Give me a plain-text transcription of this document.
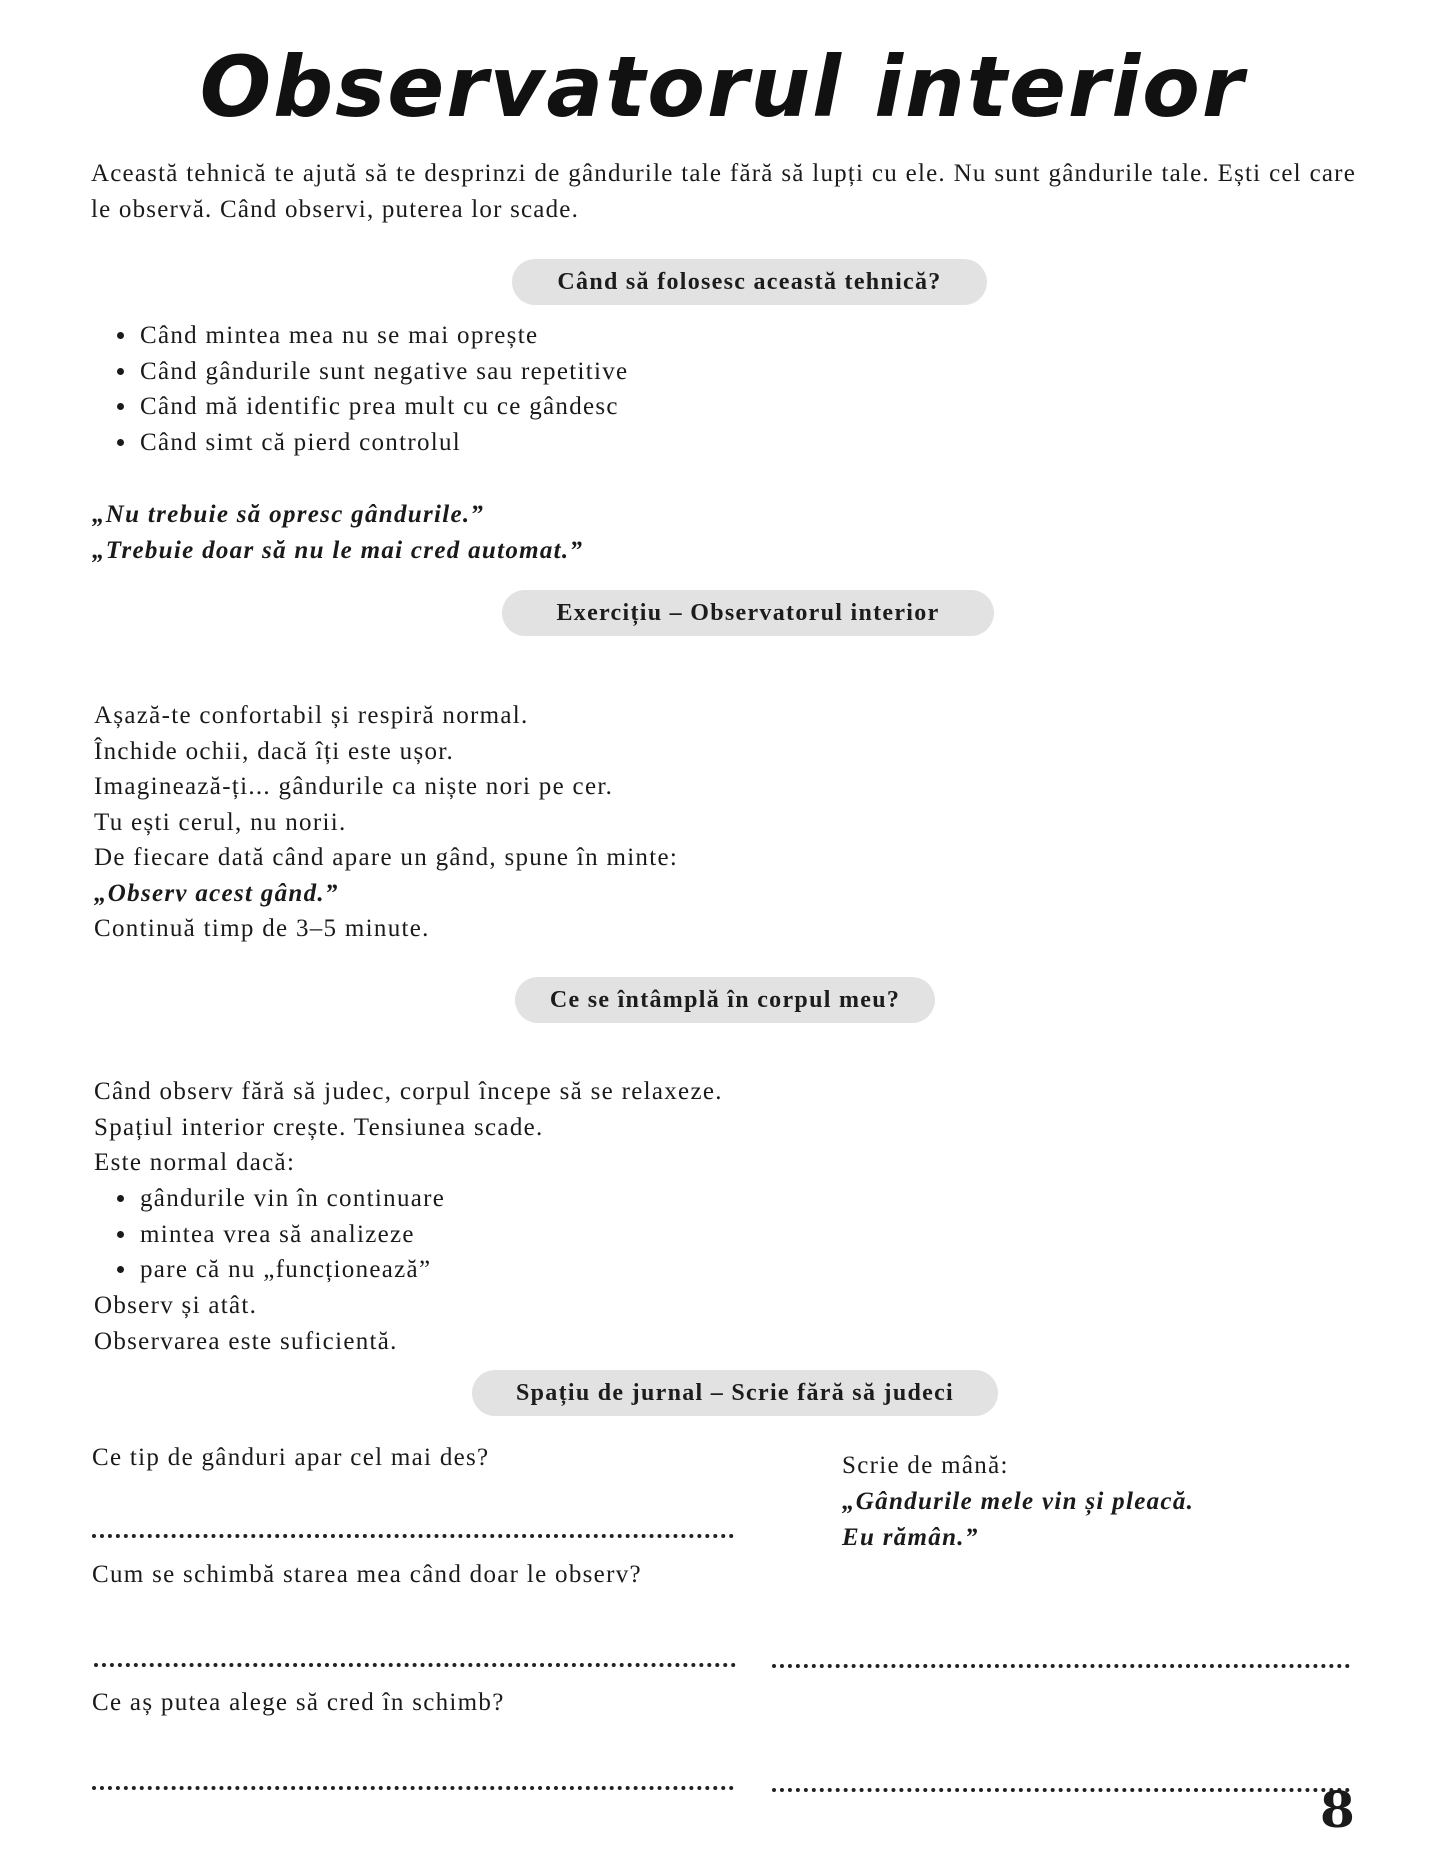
Observatorul interior

Această tehnică te ajută să te desprinzi de gândurile tale fără să lupți cu ele. Nu sunt gândurile tale. Ești cel care le observă. Când observi, puterea lor scade.

Când să folosesc această tehnică?
• Când mintea mea nu se mai oprește
• Când gândurile sunt negative sau repetitive
• Când mă identific prea mult cu ce gândesc
• Când simt că pierd controlul
„Nu trebuie să opresc gândurile.”
„Trebuie doar să nu le mai cred automat.”
Exercițiu – Observatorul interior
Așază-te confortabil și respiră normal.
Închide ochii, dacă îți este ușor.
Imaginează-ți... gândurile ca niște nori pe cer.
Tu ești cerul, nu norii.
De fiecare dată când apare un gând, spune în minte:
„Observ acest gând.”
Continuă timp de 3–5 minute.
Ce se întâmplă în corpul meu?
Când observ fără să judec, corpul începe să se relaxeze.
Spațiul interior crește. Tensiunea scade.
Este normal dacă:
• gândurile vin în continuare
• mintea vrea să analizeze
• pare că nu „funcționează”
Observ și atât.
Observarea este suficientă.
Spațiu de jurnal – Scrie fără să judeci
Ce tip de gânduri apar cel mai des?
Cum se schimbă starea mea când doar le observ?
Ce aș putea alege să cred în schimb?
Scrie de mână:
„Gândurile mele vin și pleacă.
Eu rămân.”
8
